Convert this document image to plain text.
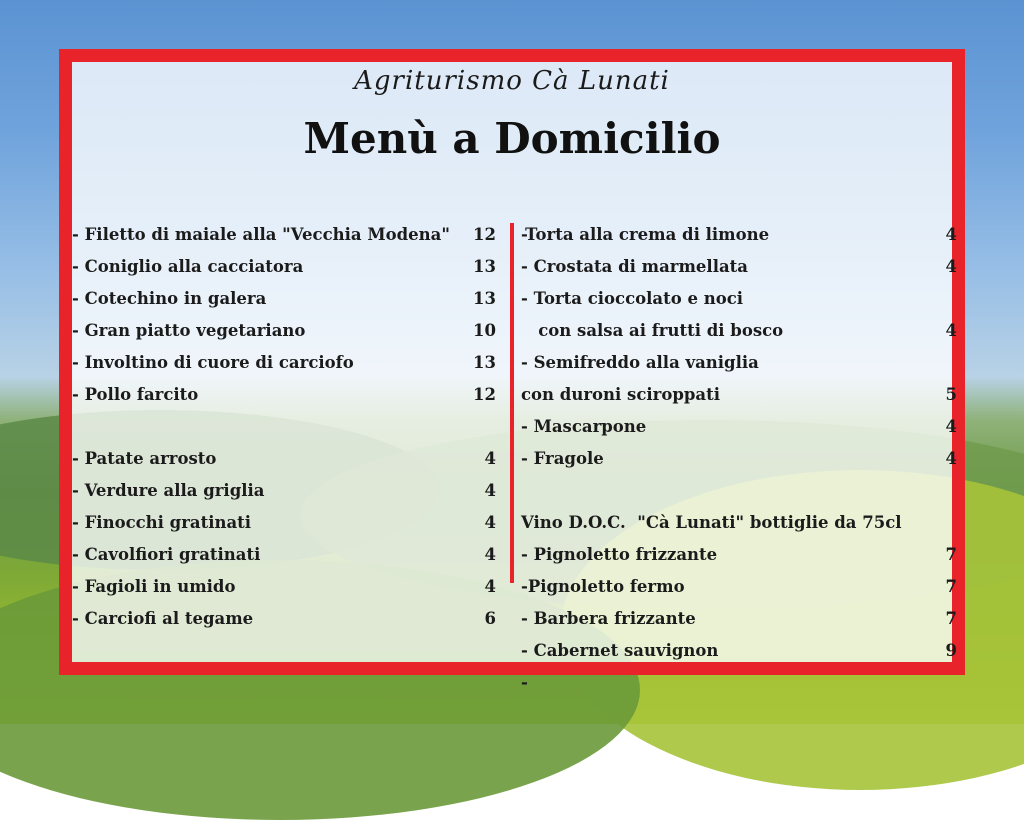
Agriturismo Cà Lunati
Menù a Domicilio
- Filetto di maiale alla "Vecchia Modena"	12
- Coniglio alla cacciatora	13
- Cotechino in galera	13
- Gran piatto vegetariano	10
- Involtino di cuore di carciofo	13
- Pollo farcito	12
- Patate arrosto	4
- Verdure alla griglia	4
- Finocchi gratinati	4
- Cavolfiori gratinati	4
- Fagioli in umido	4
- Carciofi al tegame	6
-Torta alla crema di limone	4
- Crostata di marmellata	4
- Torta cioccolato e noci
con salsa ai frutti di bosco	4
- Semifreddo alla vaniglia
con duroni sciroppati	5
- Mascarpone	4
- Fragole	4
Vino D.O.C.  "Cà Lunati" bottiglie da 75cl
- Pignoletto frizzante	7
-Pignoletto fermo	7
- Barbera frizzante	7
- Cabernet sauvignon	9
-
